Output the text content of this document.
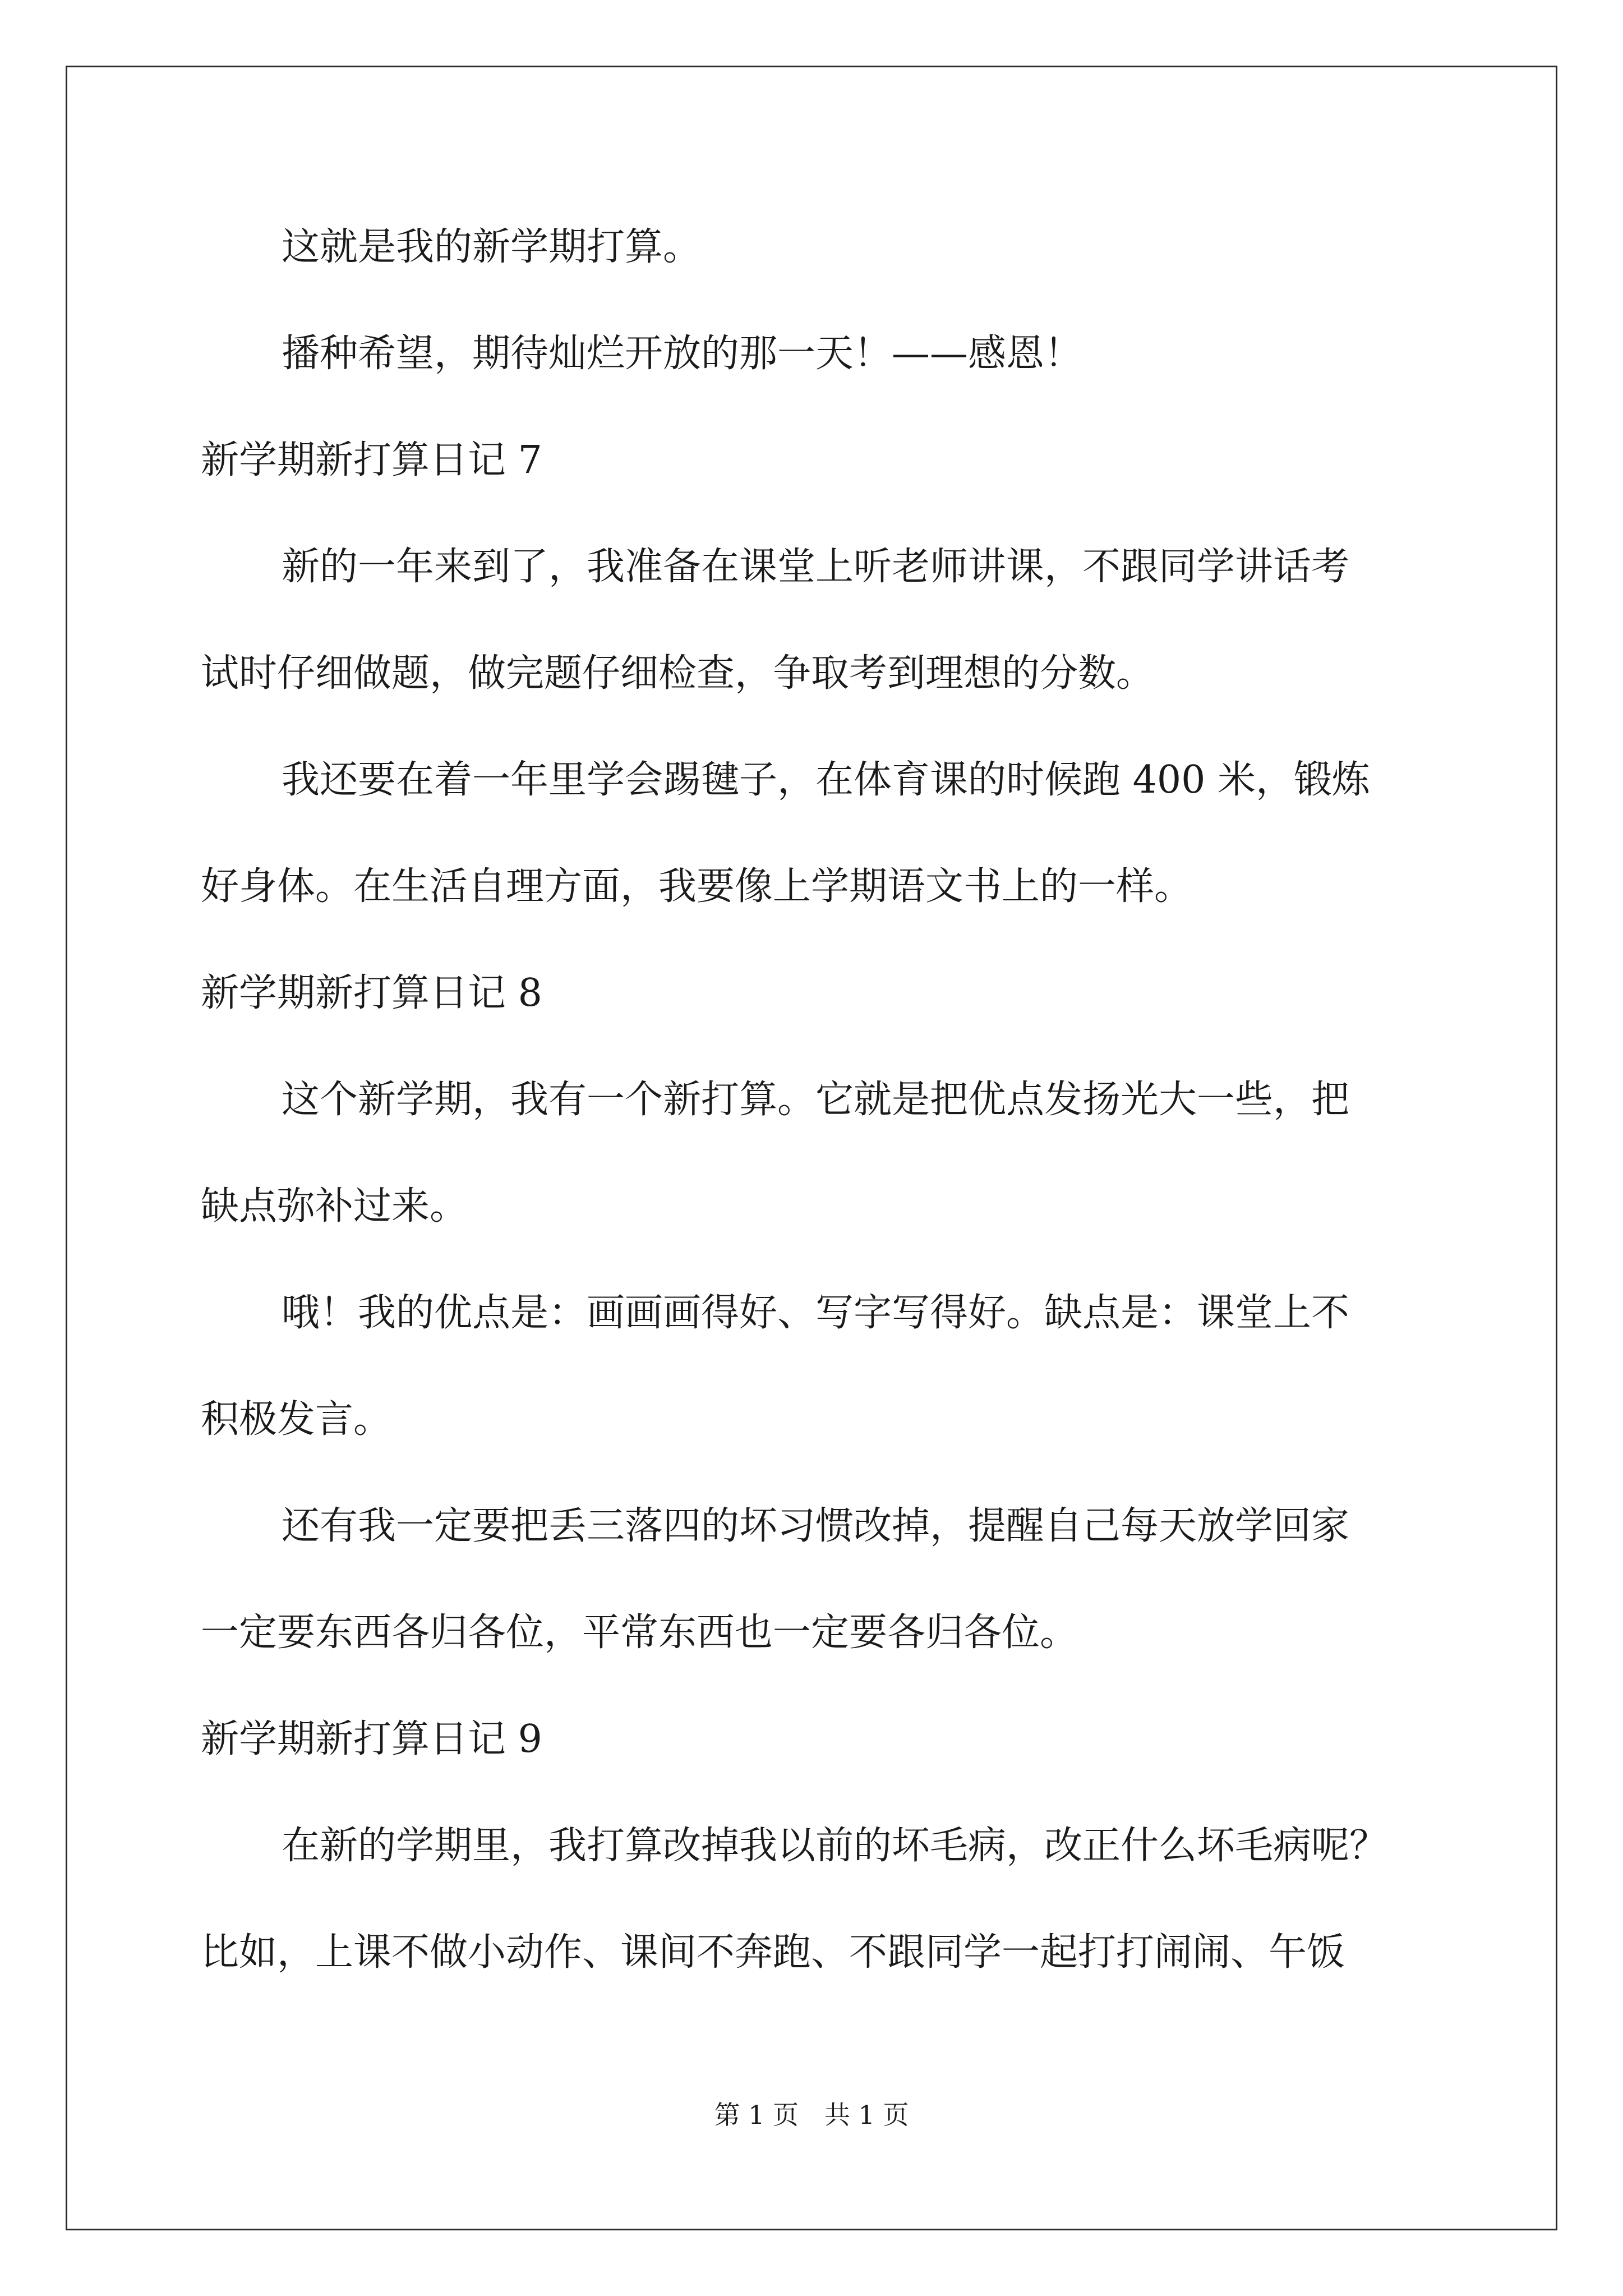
这就是我的新学期打算。
播种希望，期待灿烂开放的那一天！——感恩！
新学期新打算日记 7
新的一年来到了，我准备在课堂上听老师讲课，不跟同学讲话考
试时仔细做题，做完题仔细检查，争取考到理想的分数。
我还要在着一年里学会踢毽子，在体育课的时候跑 400 米，锻炼
好身体。在生活自理方面，我要像上学期语文书上的一样。
新学期新打算日记 8
这个新学期，我有一个新打算。它就是把优点发扬光大一些，把
缺点弥补过来。
哦！我的优点是：画画画得好、写字写得好。缺点是：课堂上不
积极发言。
还有我一定要把丢三落四的坏习惯改掉，提醒自己每天放学回家
一定要东西各归各位，平常东西也一定要各归各位。
新学期新打算日记 9
在新的学期里，我打算改掉我以前的坏毛病，改正什么坏毛病呢？
比如，上课不做小动作、课间不奔跑、不跟同学一起打打闹闹、午饭
第 1 页 共 1 页
